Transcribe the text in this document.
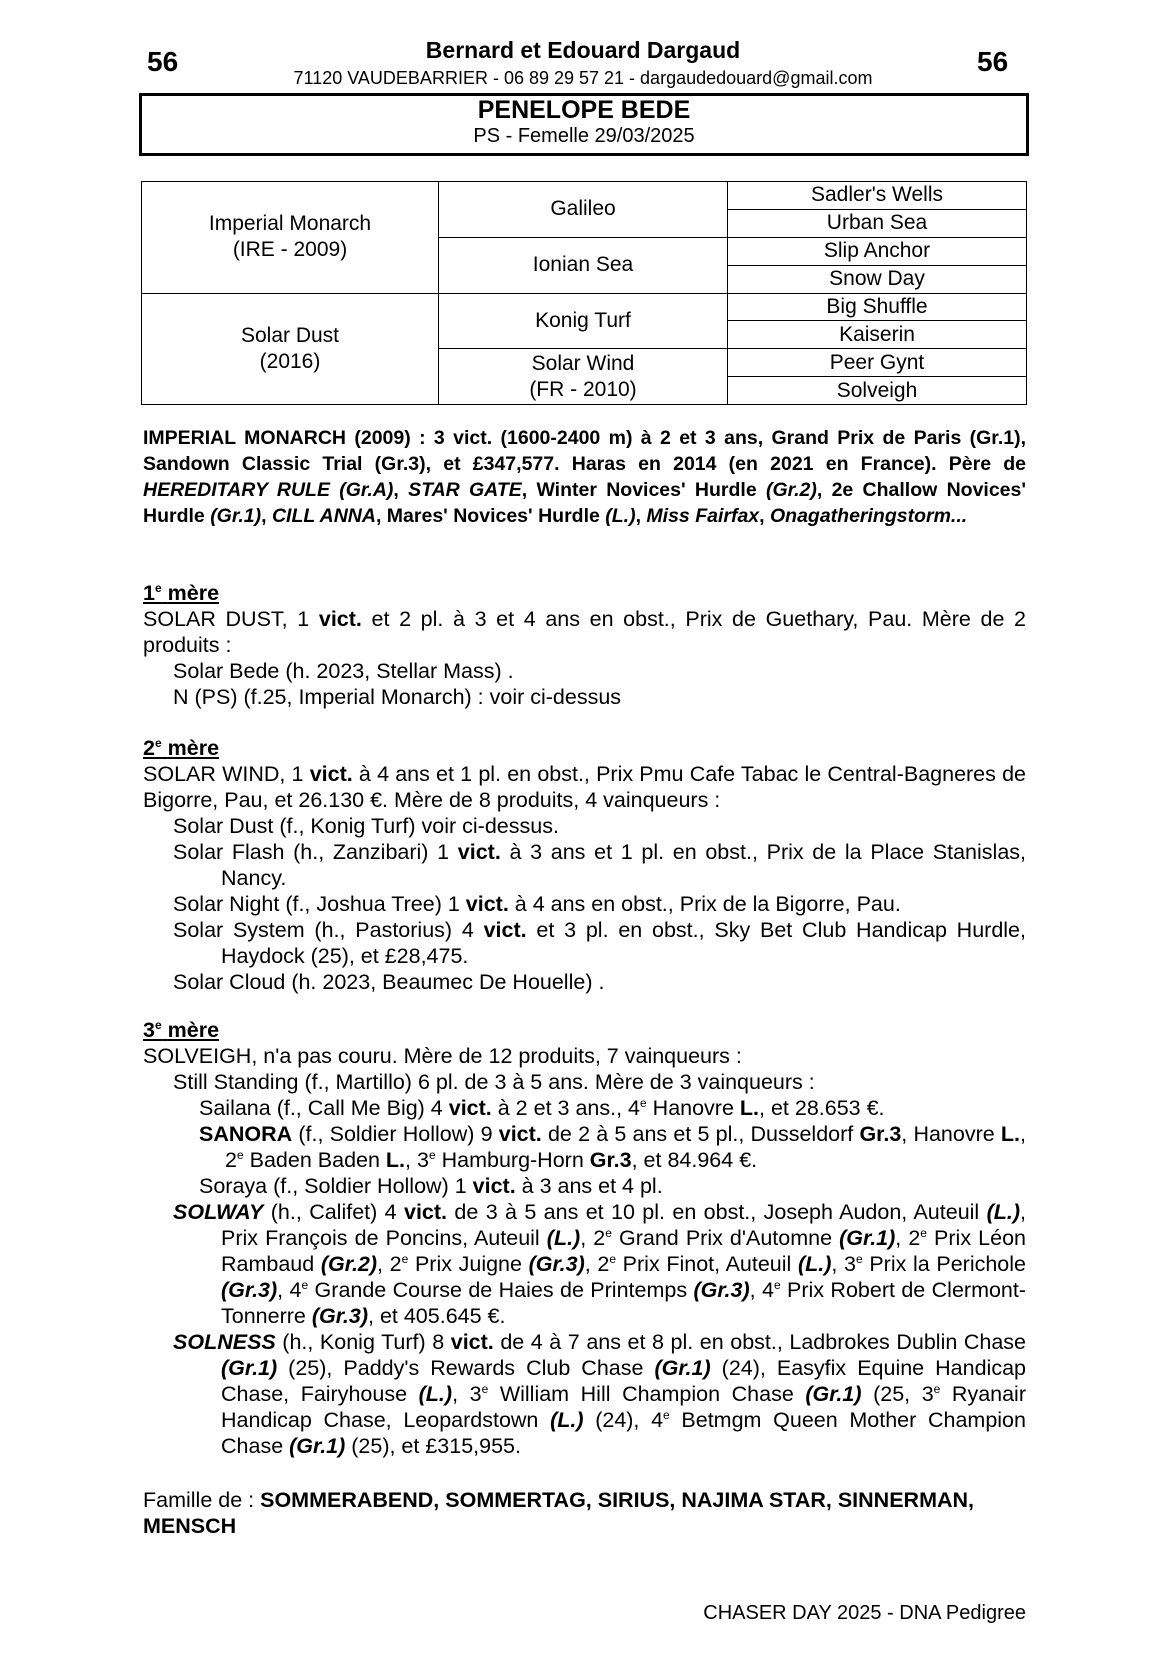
56	Bernard et Edouard Dargaud
71120 VAUDEBARRIER - 06 89 29 57 21 - dargaudedouard@gmail.com
56
PENELOPE BEDE
PS - Femelle 29/03/2025
Imperial Monarch
(IRE - 2009)	Galileo	Sadler's Wells
		Urban Sea
	Ionian Sea	Slip Anchor
		Snow Day

Solar Dust
(2016)	Konig Turf	Big Shuffle
		Kaiserin

	Solar Wind
(FR - 2010)	Peer Gynt
		Solveigh
IMPERIAL MONARCH (2009) : 3 vict. (1600-2400 m) à 2 et 3 ans, Grand Prix de Paris (Gr.1), Sandown Classic Trial (Gr.3), et £347,577. Haras en 2014 (en 2021 en France). Père de HEREDITARY RULE (Gr.A), STAR GATE, Winter Novices' Hurdle (Gr.2), 2e Challow Novices' Hurdle (Gr.1), CILL ANNA, Mares' Novices' Hurdle (L.), Miss Fairfax, Onagatheringstorm...
1e mère
SOLAR DUST, 1 vict. et 2 pl. à 3 et 4 ans en obst., Prix de Guethary, Pau. Mère de 2 produits :
Solar Bede (h. 2023, Stellar Mass) .
N (PS) (f.25, Imperial Monarch) : voir ci-dessus
2e mère
SOLAR WIND, 1 vict. à 4 ans et 1 pl. en obst., Prix Pmu Cafe Tabac le Central-Bagneres de Bigorre, Pau, et 26.130 €. Mère de 8 produits, 4 vainqueurs :
Solar Dust (f., Konig Turf) voir ci-dessus.
Solar Flash (h., Zanzibari) 1 vict. à 3 ans et 1 pl. en obst., Prix de la Place Stanislas, Nancy.
Solar Night (f., Joshua Tree) 1 vict. à 4 ans en obst., Prix de la Bigorre, Pau.
Solar System (h., Pastorius) 4 vict. et 3 pl. en obst., Sky Bet Club Handicap Hurdle, Haydock (25), et £28,475.
Solar Cloud (h. 2023, Beaumec De Houelle) .
3e mère
SOLVEIGH, n'a pas couru. Mère de 12 produits, 7 vainqueurs :
Still Standing (f., Martillo) 6 pl. de 3 à 5 ans. Mère de 3 vainqueurs :
Sailana (f., Call Me Big) 4 vict. à 2 et 3 ans., 4e Hanovre L., et 28.653 €.
SANORA (f., Soldier Hollow) 9 vict. de 2 à 5 ans et 5 pl., Dusseldorf Gr.3, Hanovre L., 2e Baden Baden L., 3e Hamburg-Horn Gr.3, et 84.964 €.
Soraya (f., Soldier Hollow) 1 vict. à 3 ans et 4 pl.
SOLWAY (h., Califet) 4 vict. de 3 à 5 ans et 10 pl. en obst., Joseph Audon, Auteuil (L.), Prix François de Poncins, Auteuil (L.), 2e Grand Prix d'Automne (Gr.1), 2e Prix Léon Rambaud (Gr.2), 2e Prix Juigne (Gr.3), 2e Prix Finot, Auteuil (L.), 3e Prix la Perichole (Gr.3), 4e Grande Course de Haies de Printemps (Gr.3), 4e Prix Robert de Clermont-Tonnerre (Gr.3), et 405.645 €.
SOLNESS (h., Konig Turf) 8 vict. de 4 à 7 ans et 8 pl. en obst., Ladbrokes Dublin Chase (Gr.1) (25), Paddy's Rewards Club Chase (Gr.1) (24), Easyfix Equine Handicap Chase, Fairyhouse (L.), 3e William Hill Champion Chase (Gr.1) (25, 3e Ryanair Handicap Chase, Leopardstown (L.) (24), 4e Betmgm Queen Mother Champion Chase (Gr.1) (25), et £315,955.
Famille de : SOMMERABEND, SOMMERTAG, SIRIUS, NAJIMA STAR, SINNERMAN, MENSCH
CHASER DAY 2025 - DNA Pedigree
